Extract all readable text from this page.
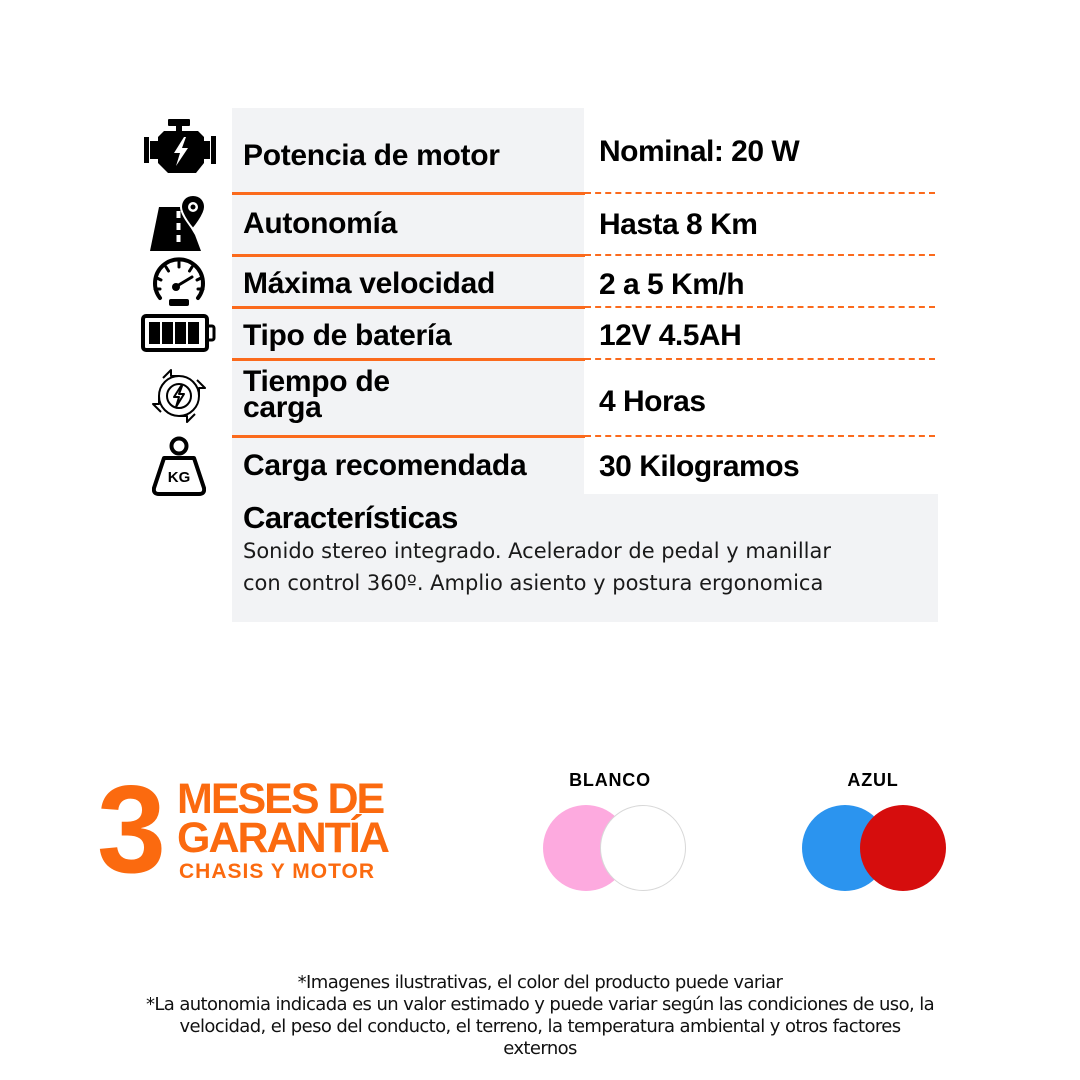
Potencia de motor	Nominal: 20 W
Autonomía	Hasta 8 Km
Máxima velocidad	2 a 5 Km/h
Tipo de batería	12V 4.5AH
Tiempo de
carga	4 Horas
KG Carga recomendada 30 Kilogramos
Características
Sonido stereo integrado. Acelerador de pedal y manillar
con control 360º. Amplio asiento y postura ergonomica
3 MESES DE
GARANTÍA
CHASIS Y MOTOR
BLANCO	AZUL
*Imagenes ilustrativas, el color del producto puede variar
*La autonomia indicada es un valor estimado y puede variar según las condiciones de uso, la
velocidad, el peso del conducto, el terreno, la temperatura ambiental y otros factores
externos
